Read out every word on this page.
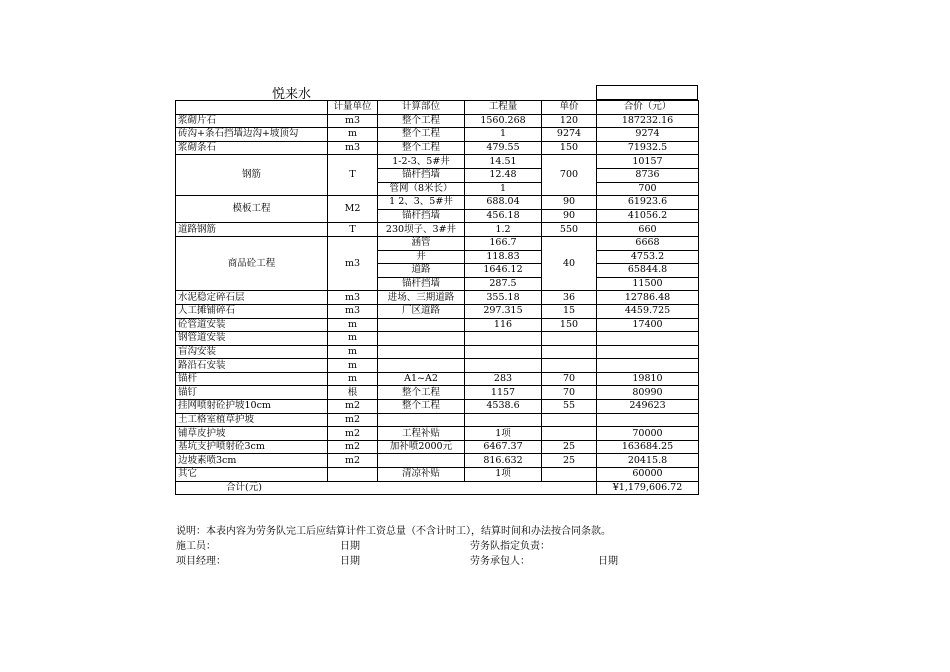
悦来水
	计量单位	计算部位	工程量	单价	合价（元）
浆砌片石	m3	整个工程	1560.268	120	187232.16
砖沟+条石挡墙边沟+坡顶勾	m	整个工程	1	9274	9274
浆砌条石	m3	整个工程	479.55	150	71932.5
钢筋	T	1-2-3、5#井	14.51	700	10157
		锚杆挡墙	12.48		8736
		管网（8米长）	1		700
模板工程	M2	1 2、3、5#井	688.04	90	61923.6
		锚杆挡墙	456.18	90	41056.2
道路钢筋	T	230坝子、3#井	1.2	550	660
商品砼工程	m3	涵管	166.7	40	6668
		井	118.83		4753.2
		道路	1646.12		65844.8
		锚杆挡墙	287.5		11500
水泥稳定碎石层	m3	进场、三期道路	355.18	36	12786.48
人工摊铺碎石	m3	厂区道路	297.315	15	4459.725
砼管道安装	m		116	150	17400
钢管道安装	m				
盲沟安装	m				
路沿石安装	m				
锚杆	m	A1~A2	283	70	19810
锚钉	根	整个工程	1157	70	80990
挂网喷射砼护坡10cm	m2	整个工程	4538.6	55	249623
土工格室植草护坡	m2				
铺草皮护坡	m2	工程补贴	1项		70000
基坑支护喷射砼3cm	m2	加补喷2000元	6467.37	25	163684.25
边坡素喷3cm	m2		816.632	25	20415.8
其它		清凉补贴	1项		60000
合计(元)					¥1,179,606.72
说明：本表内容为劳务队完工后应结算计件工资总量（不含计时工），结算时间和办法按合同条款。
施工员：	日期	劳务队指定负责：
项目经理：	日期	劳务承包人：	日期
